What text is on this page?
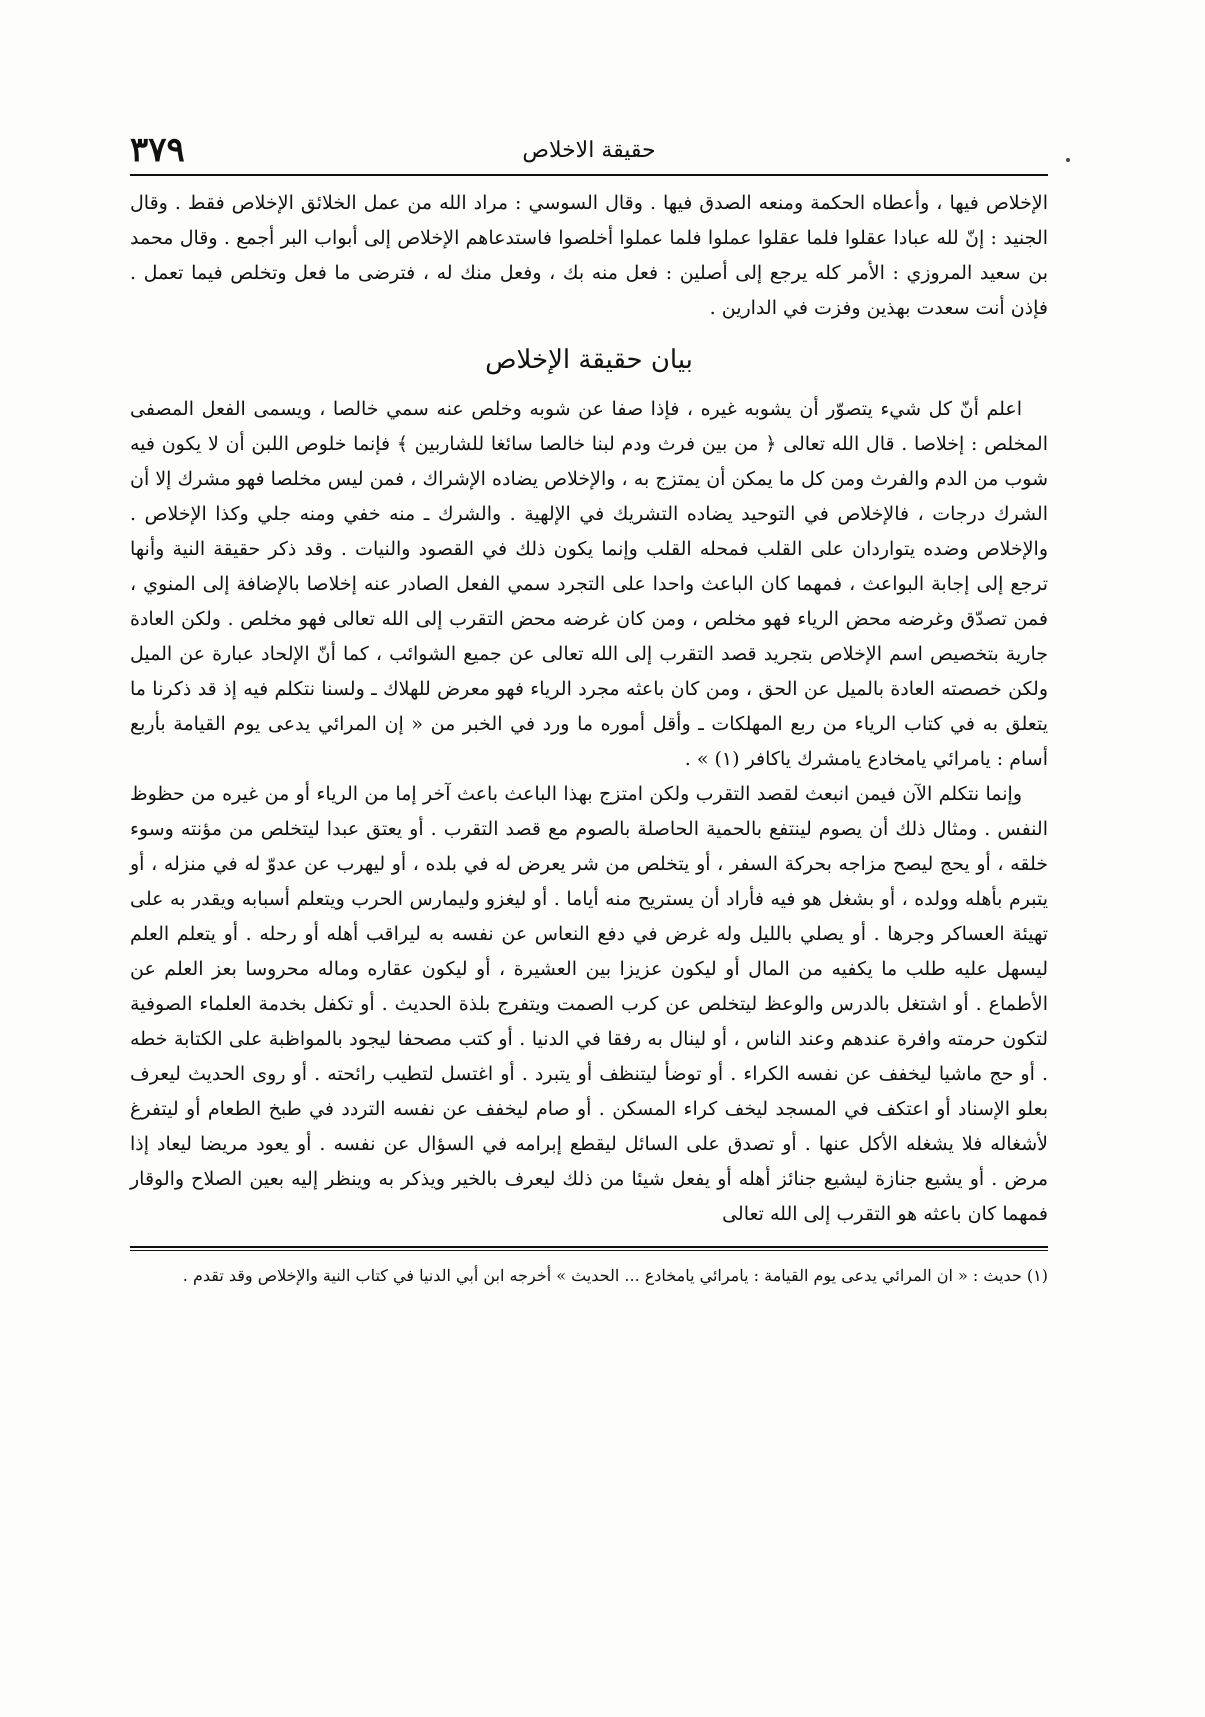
٣٧٩	حقيقة الاخلاص

الإخلاص فيها ، وأعطاه الحكمة ومنعه الصدق فيها . وقال السوسي : مراد الله من عمل الخلائق الإخلاص فقط . وقال الجنيد : إنّ لله عبادا عقلوا فلما عقلوا عملوا فلما عملوا أخلصوا فاستدعاهم الإخلاص إلى أبواب البر أجمع . وقال محمد بن سعيد المروزي : الأمر كله يرجع إلى أصلين : فعل منه بك ، وفعل منك له ، فترضى ما فعل وتخلص فيما تعمل . فإذن أنت سعدت بهذين وفزت في الدارين .

بيان حقيقة الإخلاص

اعلم أنّ كل شيء يتصوّر أن يشوبه غيره ، فإذا صفا عن شوبه وخلص عنه سمي خالصا ، ويسمى الفعل المصفى المخلص : إخلاصا . قال الله تعالى ﴿ من بين فرث ودم لبنا خالصا سائغا للشاربين ﴾ فإنما خلوص اللبن أن لا يكون فيه شوب من الدم والفرث ومن كل ما يمكن أن يمتزج به ، والإخلاص يضاده الإشراك ، فمن ليس مخلصا فهو مشرك إلا أن الشرك درجات ، فالإخلاص في التوحيد يضاده التشريك في الإلهية . والشرك ـ منه خفي ومنه جلي وكذا الإخلاص . والإخلاص وضده يتواردان على القلب فمحله القلب وإنما يكون ذلك في القصود والنيات . وقد ذكر حقيقة النية وأنها ترجع إلى إجابة البواعث ، فمهما كان الباعث واحدا على التجرد سمي الفعل الصادر عنه إخلاصا بالإضافة إلى المنوي ، فمن تصدّق وغرضه محض الرياء فهو مخلص ، ومن كان غرضه محض التقرب إلى الله تعالى فهو مخلص . ولكن العادة جارية بتخصيص اسم الإخلاص بتجريد قصد التقرب إلى الله تعالى عن جميع الشوائب ، كما أنّ الإلحاد عبارة عن الميل ولكن خصصته العادة بالميل عن الحق ، ومن كان باعثه مجرد الرياء فهو معرض للهلاك ـ ولسنا نتكلم فيه إذ قد ذكرنا ما يتعلق به في كتاب الرياء من ربع المهلكات ـ وأقل أموره ما ورد في الخبر من « إن المرائي يدعى يوم القيامة بأربع أسام : يامرائي يامخادع يامشرك ياكافر (١) » .

وإنما نتكلم الآن فيمن انبعث لقصد التقرب ولكن امتزج بهذا الباعث باعث آخر إما من الرياء أو من غيره من حظوظ النفس . ومثال ذلك أن يصوم لينتفع بالحمية الحاصلة بالصوم مع قصد التقرب . أو يعتق عبدا ليتخلص من مؤنته وسوء خلقه ، أو يحج ليصح مزاجه بحركة السفر ، أو يتخلص من شر يعرض له في بلده ، أو ليهرب عن عدوّ له في منزله ، أو يتبرم بأهله وولده ، أو بشغل هو فيه فأراد أن يستريح منه أياما . أو ليغزو وليمارس الحرب ويتعلم أسبابه ويقدر به على تهيئة العساكر وجرها . أو يصلي بالليل وله غرض في دفع النعاس عن نفسه به ليراقب أهله أو رحله . أو يتعلم العلم ليسهل عليه طلب ما يكفيه من المال أو ليكون عزيزا بين العشيرة ، أو ليكون عقاره وماله محروسا بعز العلم عن الأطماع . أو اشتغل بالدرس والوعظ ليتخلص عن كرب الصمت ويتفرج بلذة الحديث . أو تكفل بخدمة العلماء الصوفية لتكون حرمته وافرة عندهم وعند الناس ، أو لينال به رفقا في الدنيا . أو كتب مصحفا ليجود بالمواظبة على الكتابة خطه . أو حج ماشيا ليخفف عن نفسه الكراء . أو توضأ ليتنظف أو يتبرد . أو اغتسل لتطيب رائحته . أو روى الحديث ليعرف بعلو الإسناد أو اعتكف في المسجد ليخف كراء المسكن . أو صام ليخفف عن نفسه التردد في طبخ الطعام أو ليتفرغ لأشغاله فلا يشغله الأكل عنها . أو تصدق على السائل ليقطع إبرامه في السؤال عن نفسه . أو يعود مريضا ليعاد إذا مرض . أو يشيع جنازة ليشيع جنائز أهله أو يفعل شيئا من ذلك ليعرف بالخير ويذكر به وينظر إليه بعين الصلاح والوقار فمهما كان باعثه هو التقرب إلى الله تعالى

(١) حديث : « ان المرائي يدعى يوم القيامة : يامرائي يامخادع ... الحديث » أخرجه ابن أبي الدنيا في كتاب النية والإخلاص وقد تقدم .
